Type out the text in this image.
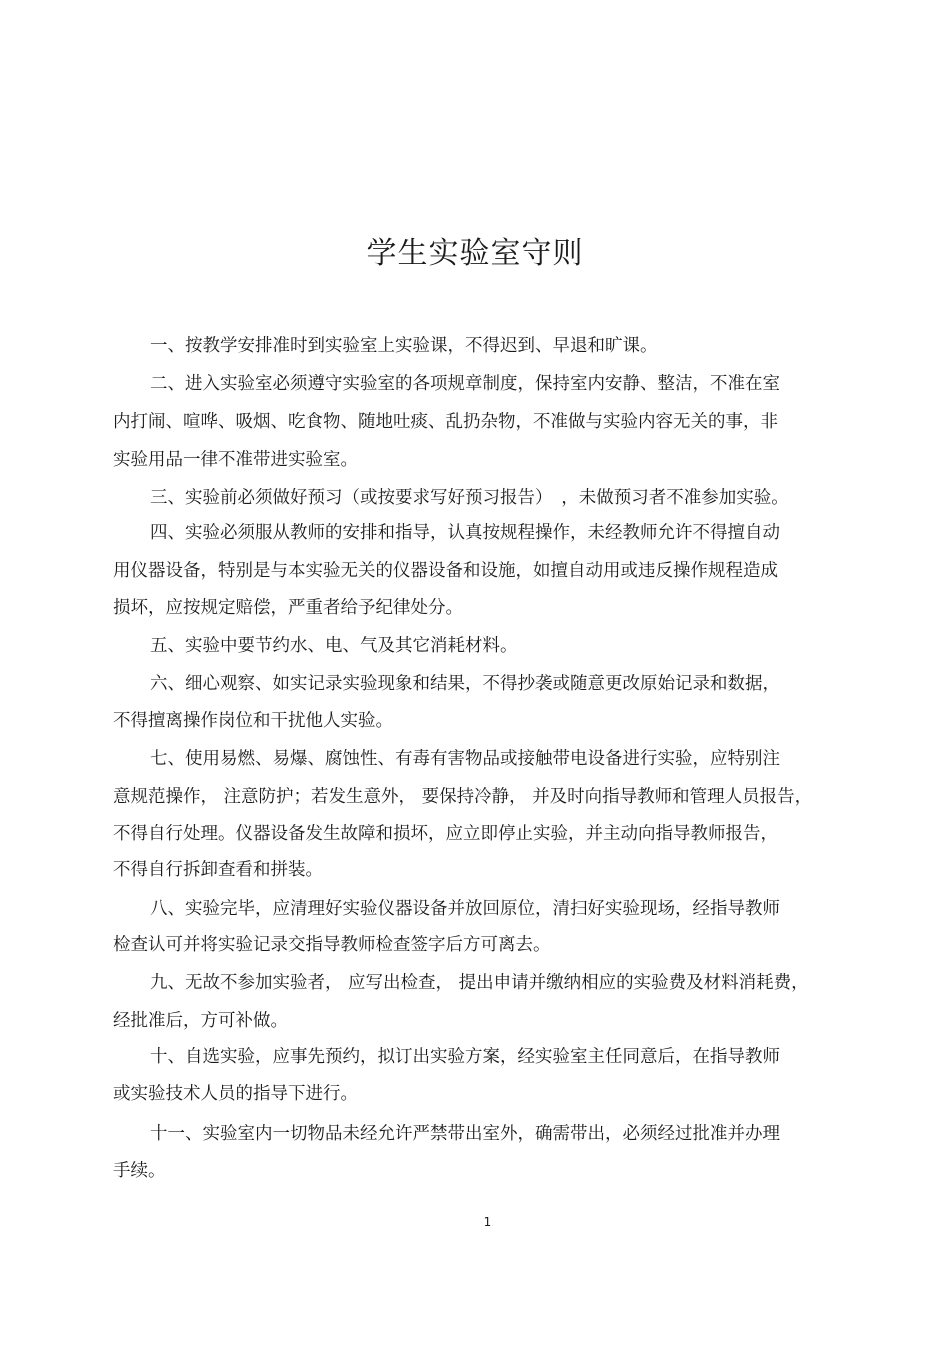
学生实验室守则
一、按教学安排准时到实验室上实验课，不得迟到、早退和旷课。
二、进入实验室必须遵守实验室的各项规章制度，保持室内安静、整洁，不准在室
内打闹、喧哗、吸烟、吃食物、随地吐痰、乱扔杂物，不准做与实验内容无关的事，非
实验用品一律不准带进实验室。
三、实验前必须做好预习（或按要求写好预习报告）　，未做预习者不准参加实验。
四、实验必须服从教师的安排和指导，认真按规程操作，未经教师允许不得擅自动
用仪器设备，特别是与本实验无关的仪器设备和设施，如擅自动用或违反操作规程造成
损坏，应按规定赔偿，严重者给予纪律处分。
五、实验中要节约水、电、气及其它消耗材料。
六、细心观察、如实记录实验现象和结果，不得抄袭或随意更改原始记录和数据，
不得擅离操作岗位和干扰他人实验。
七、使用易燃、易爆、腐蚀性、有毒有害物品或接触带电设备进行实验，应特别注
意规范操作， 注意防护；若发生意外， 要保持冷静， 并及时向指导教师和管理人员报告，
不得自行处理。仪器设备发生故障和损坏，应立即停止实验，并主动向指导教师报告，
不得自行拆卸查看和拼装。
八、实验完毕，应清理好实验仪器设备并放回原位，清扫好实验现场，经指导教师
检查认可并将实验记录交指导教师检查签字后方可离去。
九、无故不参加实验者， 应写出检查， 提出申请并缴纳相应的实验费及材料消耗费，
经批准后，方可补做。
十、自选实验，应事先预约，拟订出实验方案，经实验室主任同意后，在指导教师
或实验技术人员的指导下进行。
十一、实验室内一切物品未经允许严禁带出室外，确需带出，必须经过批准并办理
手续。
1
